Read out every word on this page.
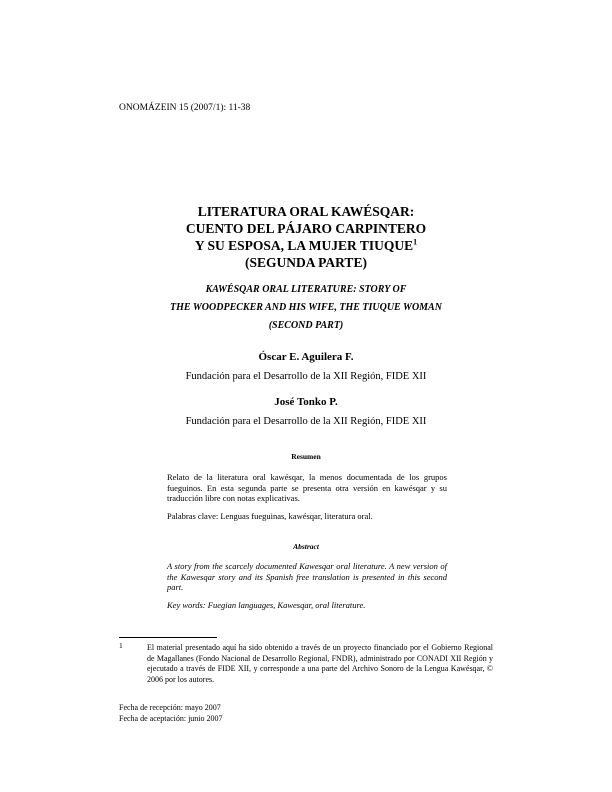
ONOMÁZEIN 15 (2007/1): 11-38
LITERATURA ORAL KAWÉSQAR:
CUENTO DEL PÁJARO CARPINTERO
Y SU ESPOSA, LA MUJER TIUQUE$^1$
(SEGUNDA PARTE)
KAWÉSQAR ORAL LITERATURE: STORY OF
THE WOODPECKER AND HIS WIFE, THE TIUQUE WOMAN
(SECOND PART)
Óscar E. Aguilera F.
Fundación para el Desarrollo de la XII Región, FIDE XII
José Tonko P.
Fundación para el Desarrollo de la XII Región, FIDE XII
Resumen
Relato de la literatura oral kawésqar, la menos documentada de los grupos fueguinos. En esta segunda parte se presenta otra versión en kawésqar y su traducción libre con notas explicativas.
Palabras clave: Lenguas fueguinas, kawésqar, literatura oral.
Abstract
A story from the scarcely documented Kawesqar oral literature. A new version of the Kawesqar story and its Spanish free translation is presented in this second part.
Key words: Fuegian languages, Kawesqar, oral literature.
1	El material presentado aquí ha sido obtenido a través de un proyecto financiado por el Gobierno Regional de Magallanes (Fondo Nacional de Desarrollo Regional, FNDR), administrado por CONADI XII Región y ejecutado a través de FIDE XII, y corresponde a una parte del Archivo Sonoro de la Lengua Kawésqar, © 2006 por los autores.
Fecha de recepción: mayo 2007
Fecha de aceptación: junio 2007
